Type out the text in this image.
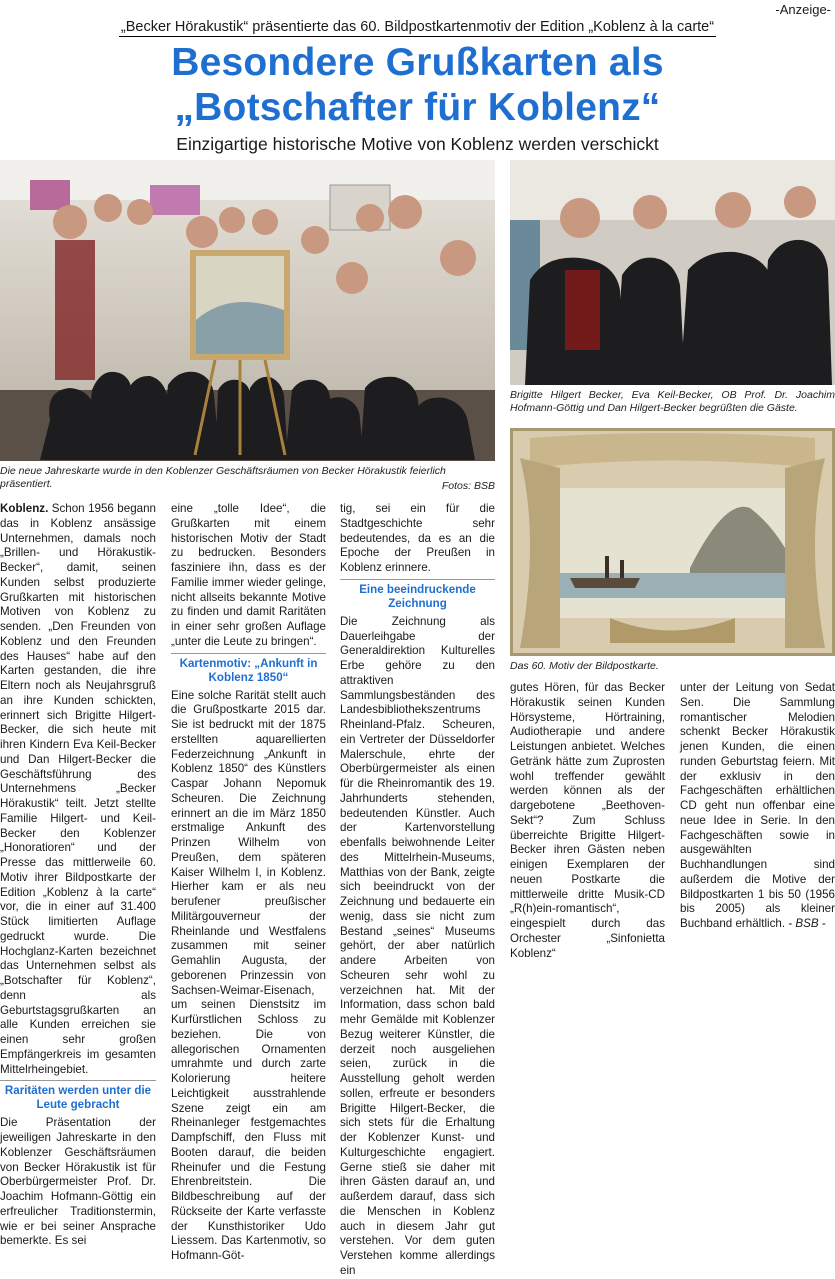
-Anzeige-
„Becker Hörakustik“ präsentierte das 60. Bildpostkartenmotiv der Edition „Koblenz à la carte“
Besondere Grußkarten als
„Botschafter für Koblenz“
Einzigartige historische Motive von Koblenz werden verschickt
Die neue Jahreskarte wurde in den Koblenzer Geschäftsräumen von Becker Hörakustik feierlich präsentiert.	Fotos: BSB
Brigitte Hilgert Becker, Eva Keil-Becker, OB Prof. Dr. Joachim Hofmann-Göttig und Dan Hilgert-Becker begrüßten die Gäste.
Das 60. Motiv der Bildpostkarte.

Koblenz. Schon 1956 begann das in Koblenz ansässige Unternehmen, damals noch „Brillen- und Hörakustik-Becker“, damit, seinen Kunden selbst produzierte Grußkarten mit historischen Motiven von Koblenz zu senden. „Den Freunden von Koblenz und den Freunden des Hauses“ habe auf den Karten gestanden, die ihre Eltern noch als Neujahrsgruß an ihre Kunden schickten, erinnert sich Brigitte Hilgert-Becker, die sich heute mit ihren Kindern Eva Keil-Becker und Dan Hilgert-Becker die Geschäftsführung des Unternehmens „Becker Hörakustik“ teilt. Jetzt stellte Familie Hilgert- und Keil-Becker den Koblenzer „Honoratioren“ und der Presse das mittlerweile 60. Motiv ihrer Bildpostkarte der Edition „Koblenz à la carte“ vor, die in einer auf 31.400 Stück limitierten Auflage gedruckt wurde. Die Hochglanz-Karten bezeichnet das Unternehmen selbst als „Botschafter für Koblenz“, denn als Geburtstagsgrußkarten an alle Kunden erreichen sie einen sehr großen Empfängerkreis im gesamten Mittelrheingebiet.

Raritäten werden unter die Leute gebracht

Die Präsentation der jeweiligen Jahreskarte in den Koblenzer Geschäftsräumen von Becker Hörakustik ist für Oberbürgermeister Prof. Dr. Joachim Hofmann-Göttig ein erfreulicher Traditionstermin, wie er bei seiner Ansprache bemerkte. Es sei

eine „tolle Idee“, die Grußkarten mit einem historischen Motiv der Stadt zu bedrucken. Besonders fasziniere ihn, dass es der Familie immer wieder gelinge, nicht allseits bekannte Motive zu finden und damit Raritäten in einer sehr großen Auflage „unter die Leute zu bringen“.

Kartenmotiv: „Ankunft in Koblenz 1850“

Eine solche Rarität stellt auch die Grußpostkarte 2015 dar. Sie ist bedruckt mit der 1875 erstellten aquarellierten Federzeichnung „Ankunft in Koblenz 1850“ des Künstlers Caspar Johann Nepomuk Scheuren. Die Zeichnung erinnert an die im März 1850 erstmalige Ankunft des Prinzen Wilhelm von Preußen, dem späteren Kaiser Wilhelm I, in Koblenz. Hierher kam er als neu berufener preußischer Militärgouverneur der Rheinlande und Westfalens zusammen mit seiner Gemahlin Augusta, der geborenen Prinzessin von Sachsen-Weimar-Eisenach, um seinen Dienstsitz im Kurfürstlichen Schloss zu beziehen. Die von allegorischen Ornamenten umrahmte und durch zarte Kolorierung heitere Leichtigkeit ausstrahlende Szene zeigt ein am Rheinanleger festgemachtes Dampfschiff, den Fluss mit Booten darauf, die beiden Rheinufer und die Festung Ehrenbreitstein. Die Bildbeschreibung auf der Rückseite der Karte verfasste der Kunsthistoriker Udo Liessem. Das Kartenmotiv, so Hofmann-Göt-

tig, sei ein für die Stadtgeschichte sehr bedeutendes, da es an die Epoche der Preußen in Koblenz erinnere.

Eine beeindruckende Zeichnung

Die Zeichnung als Dauerleihgabe der Generaldirektion Kulturelles Erbe gehöre zu den attraktiven Sammlungsbeständen des Landesbibliothekszentrums Rheinland-Pfalz. Scheuren, ein Vertreter der Düsseldorfer Malerschule, ehrte der Oberbürgermeister als einen für die Rheinromantik des 19. Jahrhunderts stehenden, bedeutenden Künstler. Auch der Kartenvorstellung ebenfalls beiwohnende Leiter des Mittelrhein-Museums, Matthias von der Bank, zeigte sich beeindruckt von der Zeichnung und bedauerte ein wenig, dass sie nicht zum Bestand „seines“ Museums gehört, der aber natürlich andere Arbeiten von Scheuren sehr wohl zu verzeichnen hat. Mit der Information, dass schon bald mehr Gemälde mit Koblenzer Bezug weiterer Künstler, die derzeit noch ausgeliehen seien, zurück in die Ausstellung geholt werden sollen, erfreute er besonders Brigitte Hilgert-Becker, die sich stets für die Erhaltung der Koblenzer Kunst- und Kulturgeschichte engagiert. Gerne stieß sie daher mit ihren Gästen darauf an, und außerdem darauf, dass sich die Menschen in Koblenz auch in diesem Jahr gut verstehen. Vor dem guten Verstehen komme allerdings ein

gutes Hören, für das Becker Hörakustik seinen Kunden Hörsysteme, Hörtraining, Audiotherapie und andere Leistungen anbietet. Welches Getränk hätte zum Zuprosten wohl treffender gewählt werden können als der dargebotene „Beethoven-Sekt“? Zum Schluss überreichte Brigitte Hilgert-Becker ihren Gästen neben einigen Exemplaren der neuen Postkarte die mittlerweile dritte Musik-CD „R(h)ein-romantisch“, eingespielt durch das Orchester „Sinfonietta Koblenz“

unter der Leitung von Sedat Sen. Die Sammlung romantischer Melodien schenkt Becker Hörakustik jenen Kunden, die einen runden Geburtstag feiern. Mit der exklusiv in den Fachgeschäften erhältlichen CD geht nun offenbar eine neue Idee in Serie. In den Fachgeschäften sowie in ausgewählten Buchhandlungen sind außerdem die Motive der Bildpostkarten 1 bis 50 (1956 bis 2005) als kleiner Buchband erhältlich. - BSB -
